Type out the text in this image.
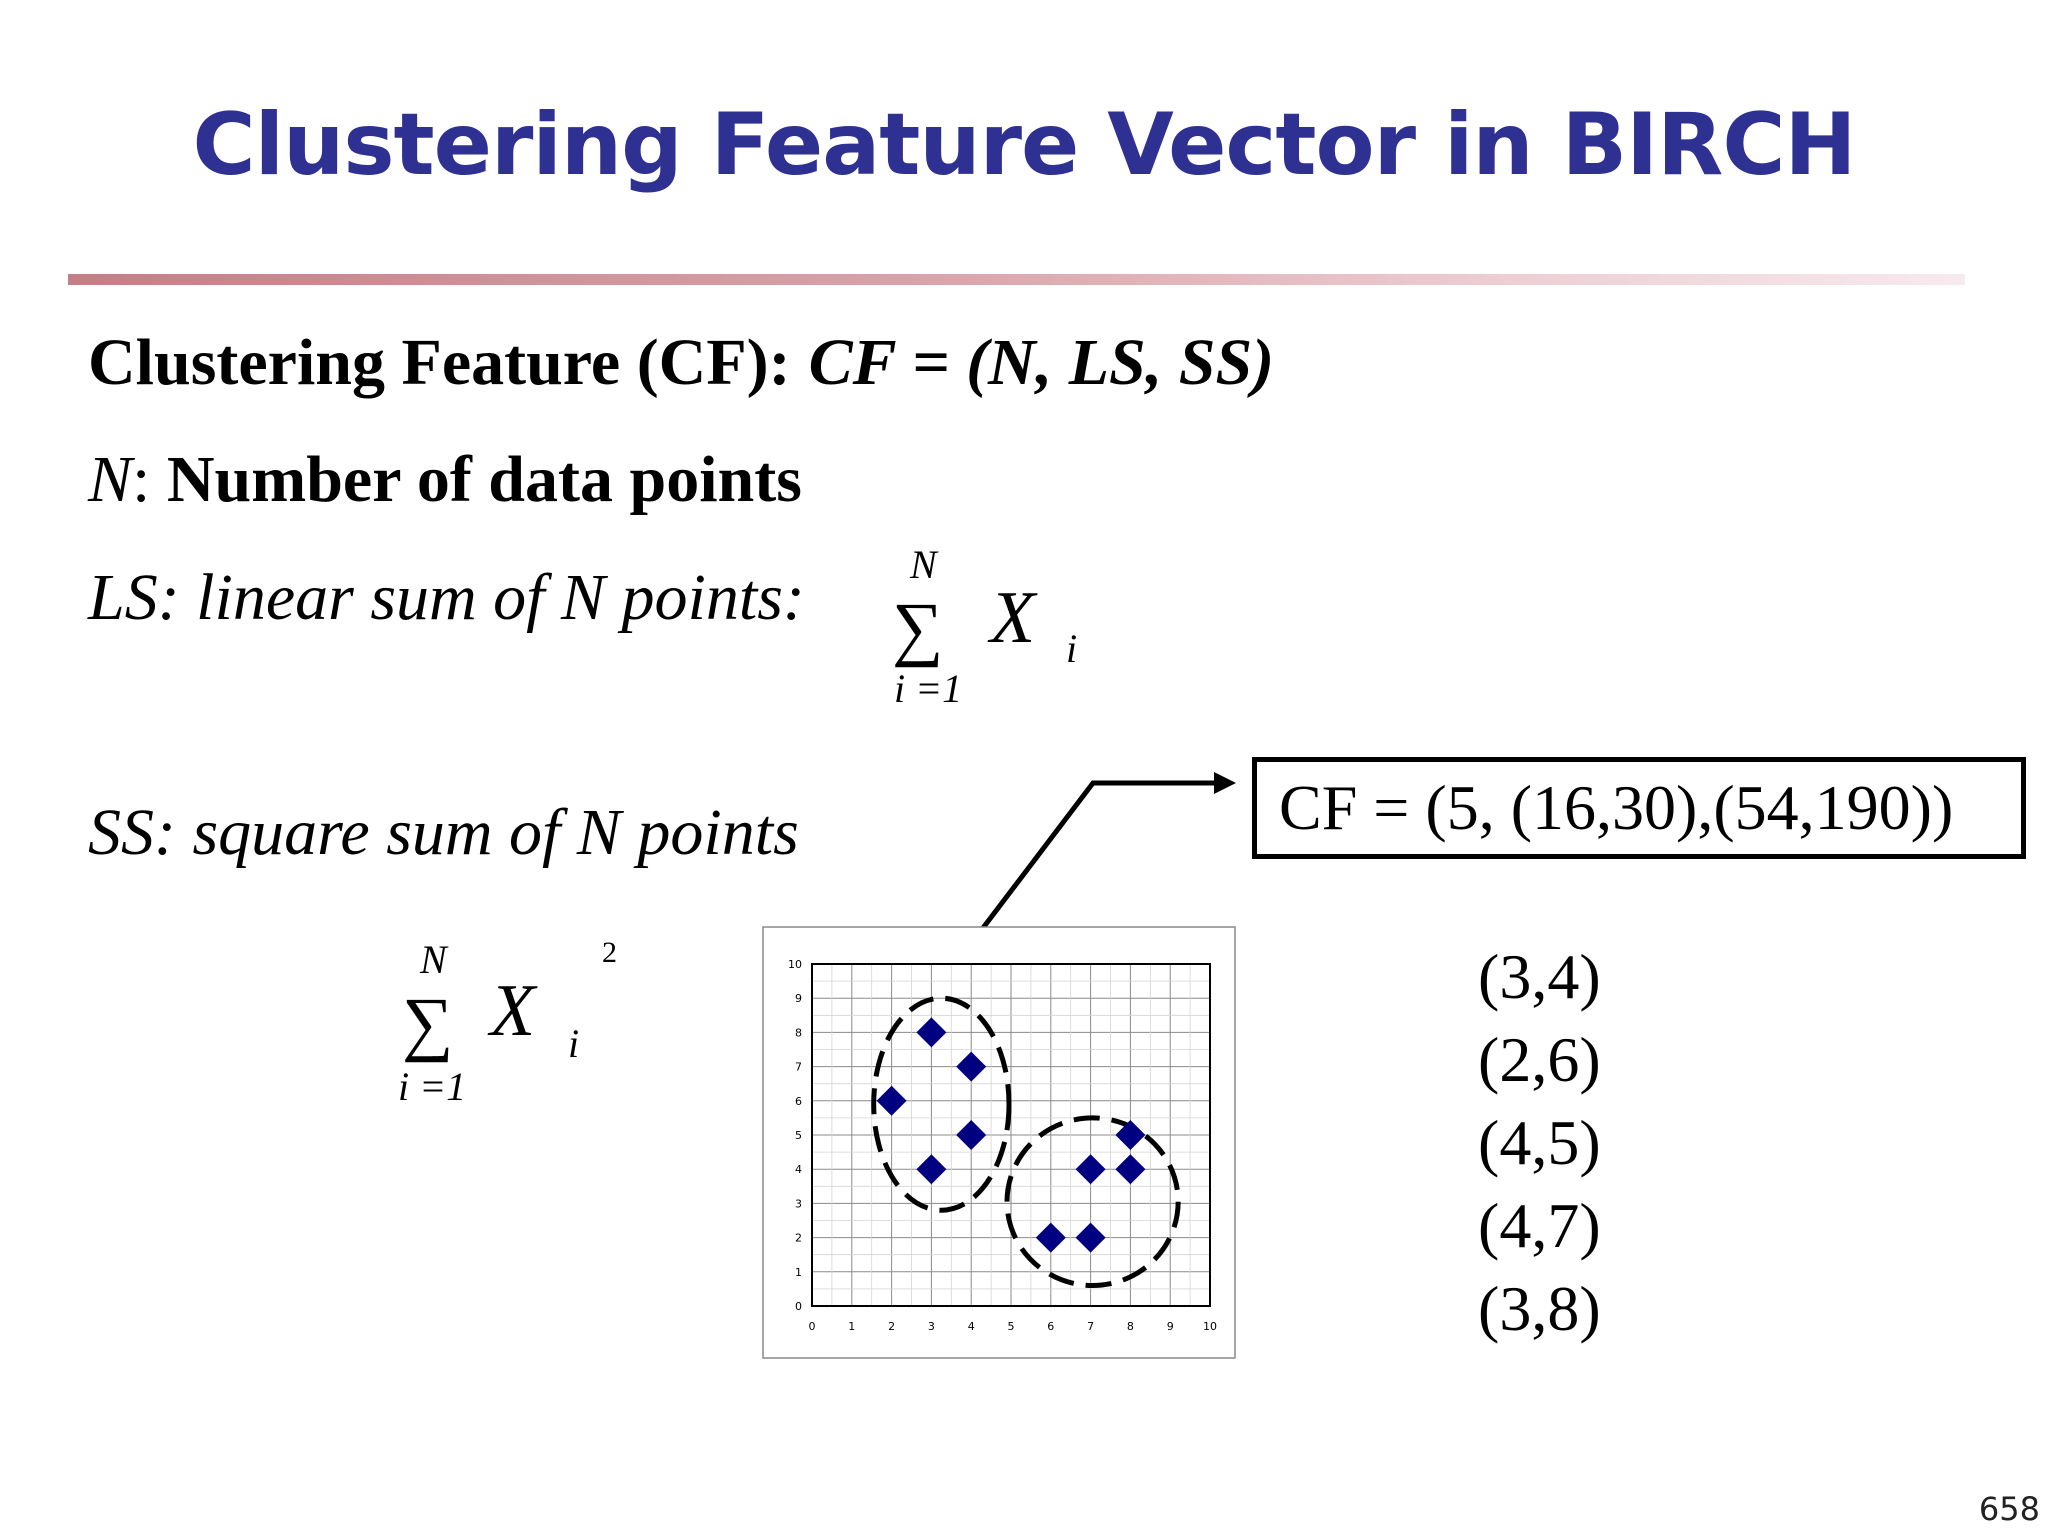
Clustering Feature Vector in BIRCH
Clustering Feature (CF): CF = (N, LS, SS)
N: Number of data points
LS: linear sum of N points:
SS: square sum of N points
N
∑ X i
i =1
N
∑ X i
2
i =1
CF = (5, (16,30),(54,190))
(3,4)
(2,6)
(4,5)
(4,7)
(3,8)
0	1	2	3	4	5	6	7	8	9	10
0
1
2
3
4
5
6
7
8
9
10
658
